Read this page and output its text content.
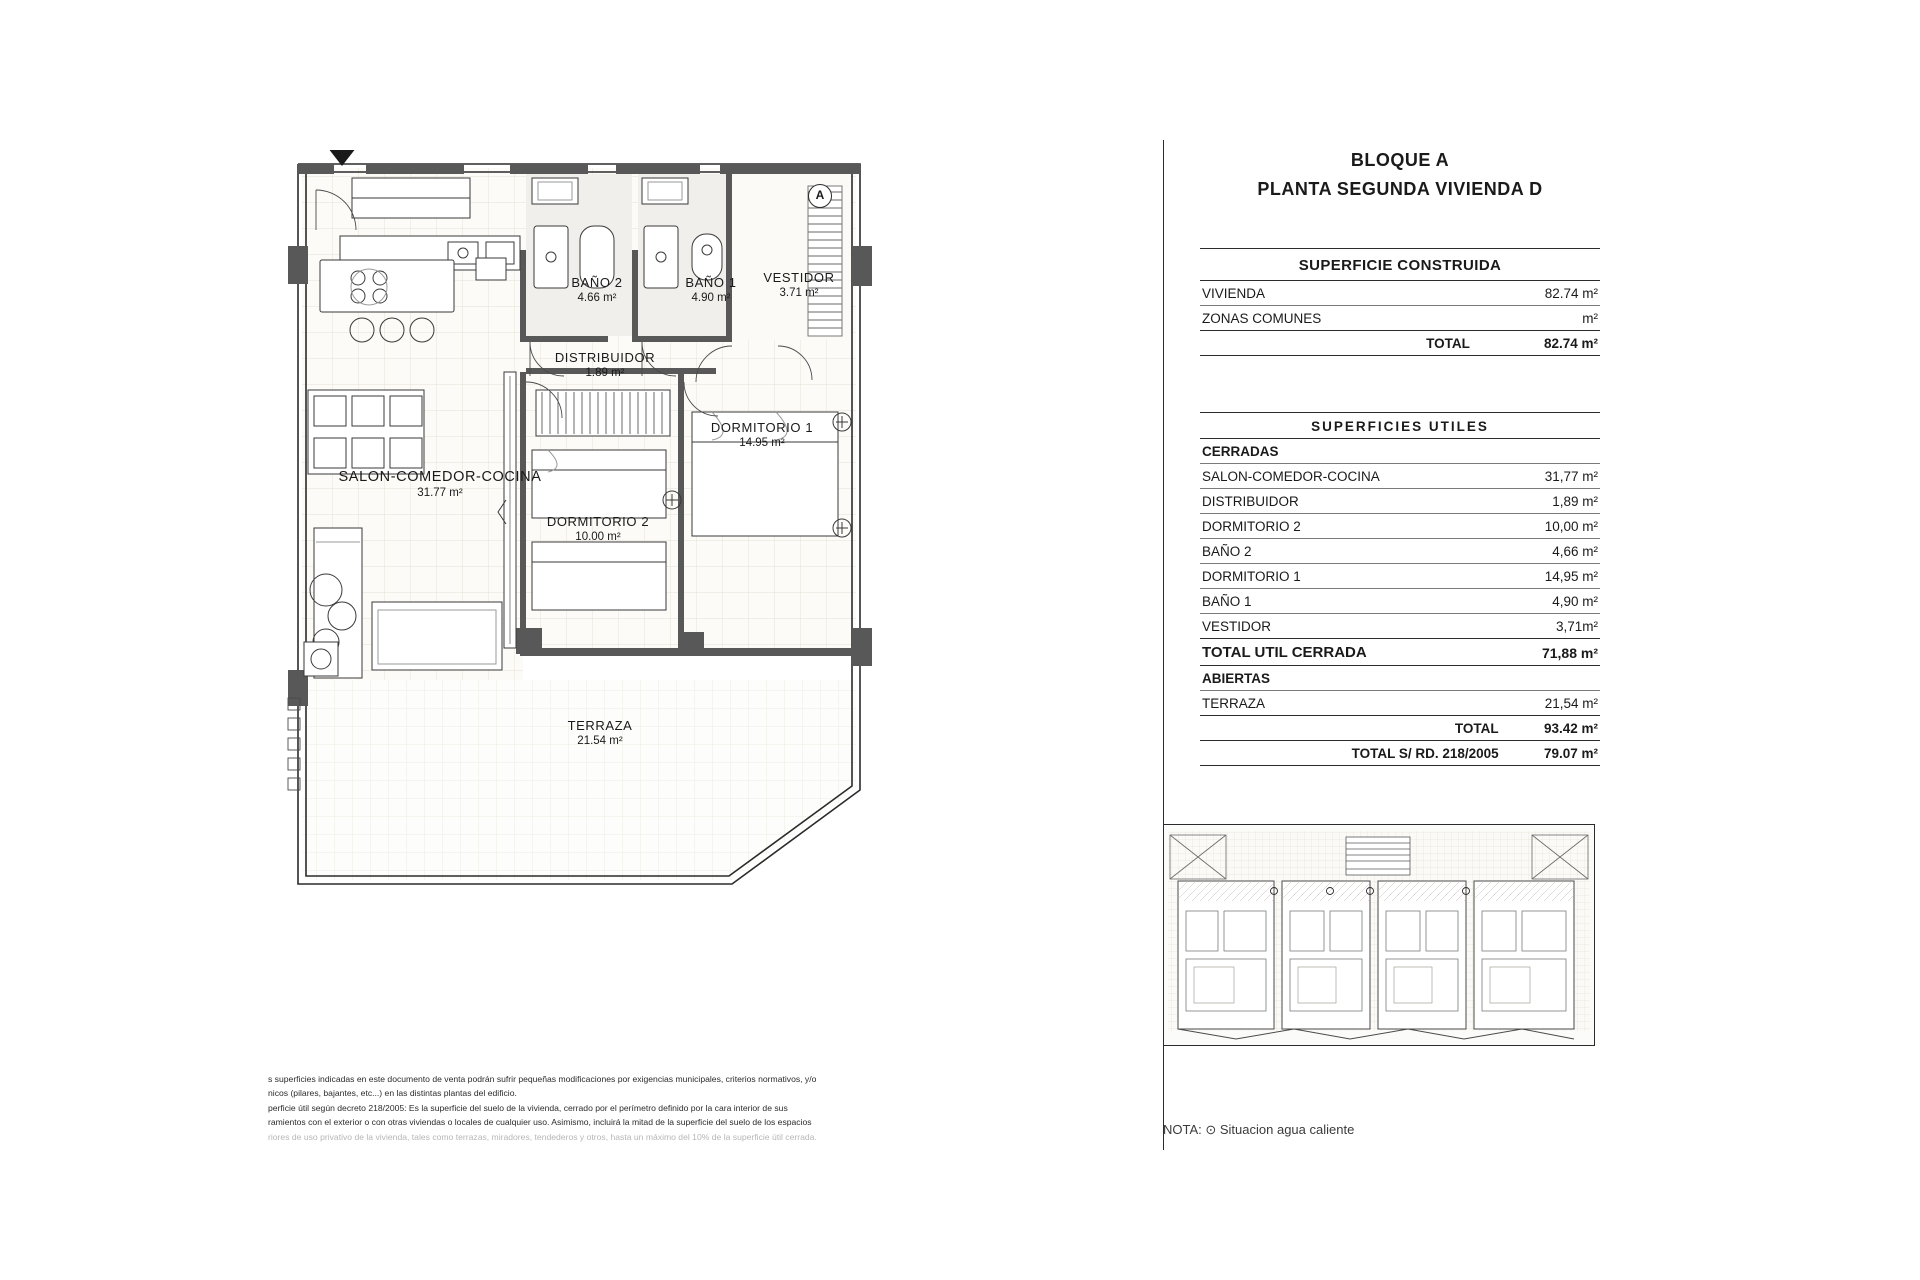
BAÑO 2
4.66 m²
BAÑO 1
4.90 m²
VESTIDOR
3.71 m²
DISTRIBUIDOR
1.89 m²
DORMITORIO 1
14.95 m²
SALON-COMEDOR-COCINA
31.77 m²
DORMITORIO 2
10.00 m²
TERRAZA
21.54 m²
A
BLOQUE A
PLANTA SEGUNDA VIVIENDA D

SUPERFICIE CONSTRUIDA	

VIVIENDA	82.74 m²

ZONAS COMUNES	m²

TOTAL	82.74 m²

SUPERFICIES UTILES	

CERRADAS	

SALON-COMEDOR-COCINA	31,77 m²

DISTRIBUIDOR	1,89 m²

DORMITORIO 2	10,00 m²

BAÑO 2	4,66 m²

DORMITORIO 1	14,95 m²

BAÑO 1	4,90 m²

VESTIDOR	3,71m²

TOTAL UTIL CERRADA	71,88 m²

ABIERTAS	

TERRAZA	21,54 m²

TOTAL	93.42 m²

TOTAL S/ RD. 218/2005	79.07 m²

NOTA: ⊙ Situacion agua caliente

s superficies indicadas en este documento de venta podrán sufrir pequeñas modificaciones por exigencias municipales, criterios normativos, y/o

nicos (pilares, bajantes, etc...) en las distintas plantas del edificio.

perficie útil según decreto 218/2005: Es la superficie del suelo de la vivienda, cerrado por el perímetro definido por la cara interior de sus

ramientos con el exterior o con otras viviendas o locales de cualquier uso. Asimismo, incluirá la mitad de la superficie del suelo de los espacios

riores de uso privativo de la vivienda, tales como terrazas, miradores, tendederos y otros, hasta un máximo del 10% de la superficie útil cerrada.
